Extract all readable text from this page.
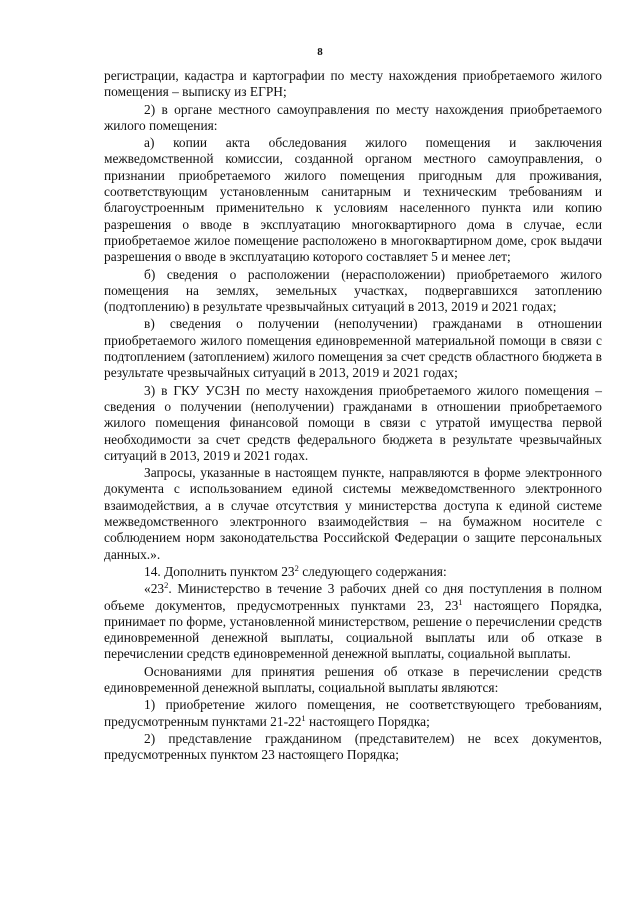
8

регистрации, кадастра и картографии по месту нахождения приобретаемого жилого помещения – выписку из ЕГРН;

2) в органе местного самоуправления по месту нахождения приобретаемого жилого помещения:

а) копии акта обследования жилого помещения и заключения межведомственной комиссии, созданной органом местного самоуправления, о признании приобретаемого жилого помещения пригодным для проживания, соответствующим установленным санитарным и техническим требованиям и благоустроенным применительно к условиям населенного пункта или копию разрешения о вводе в эксплуатацию многоквартирного дома в случае, если приобретаемое жилое помещение расположено в многоквартирном доме, срок выдачи разрешения о вводе в эксплуатацию которого составляет 5 и менее лет;

б) сведения о расположении (нерасположении) приобретаемого жилого помещения на землях, земельных участках, подвергавшихся затоплению (подтоплению) в результате чрезвычайных ситуаций в 2013, 2019 и 2021 годах;

в) сведения о получении (неполучении) гражданами в отношении приобретаемого жилого помещения единовременной материальной помощи в связи с подтоплением (затоплением) жилого помещения за счет средств областного бюджета в результате чрезвычайных ситуаций в 2013, 2019 и 2021 годах;

3) в ГКУ УСЗН по месту нахождения приобретаемого жилого помещения – сведения о получении (неполучении) гражданами в отношении приобретаемого жилого помещения финансовой помощи в связи с утратой имущества первой необходимости за счет средств федерального бюджета в результате чрезвычайных ситуаций в 2013, 2019 и 2021 годах.

Запросы, указанные в настоящем пункте, направляются в форме электронного документа с использованием единой системы межведомственного электронного взаимодействия, а в случае отсутствия у министерства доступа к единой системе межведомственного электронного взаимодействия – на бумажном носителе с соблюдением норм законодательства Российской Федерации о защите персональных данных.».

14. Дополнить пунктом $23^2$ следующего содержания:

«$23^2$. Министерство в течение 3 рабочих дней со дня поступления в полном объеме документов, предусмотренных пунктами 23, $23^1$ настоящего Порядка, принимает по форме, установленной министерством, решение о перечислении средств единовременной денежной выплаты, социальной выплаты или об отказе в перечислении средств единовременной денежной выплаты, социальной выплаты.

Основаниями для принятия решения об отказе в перечислении средств единовременной денежной выплаты, социальной выплаты являются:

1) приобретение жилого помещения, не соответствующего требованиям, предусмотренным пунктами $21-22^1$ настоящего Порядка;

2) представление гражданином (представителем) не всех документов, предусмотренных пунктом 23 настоящего Порядка;
